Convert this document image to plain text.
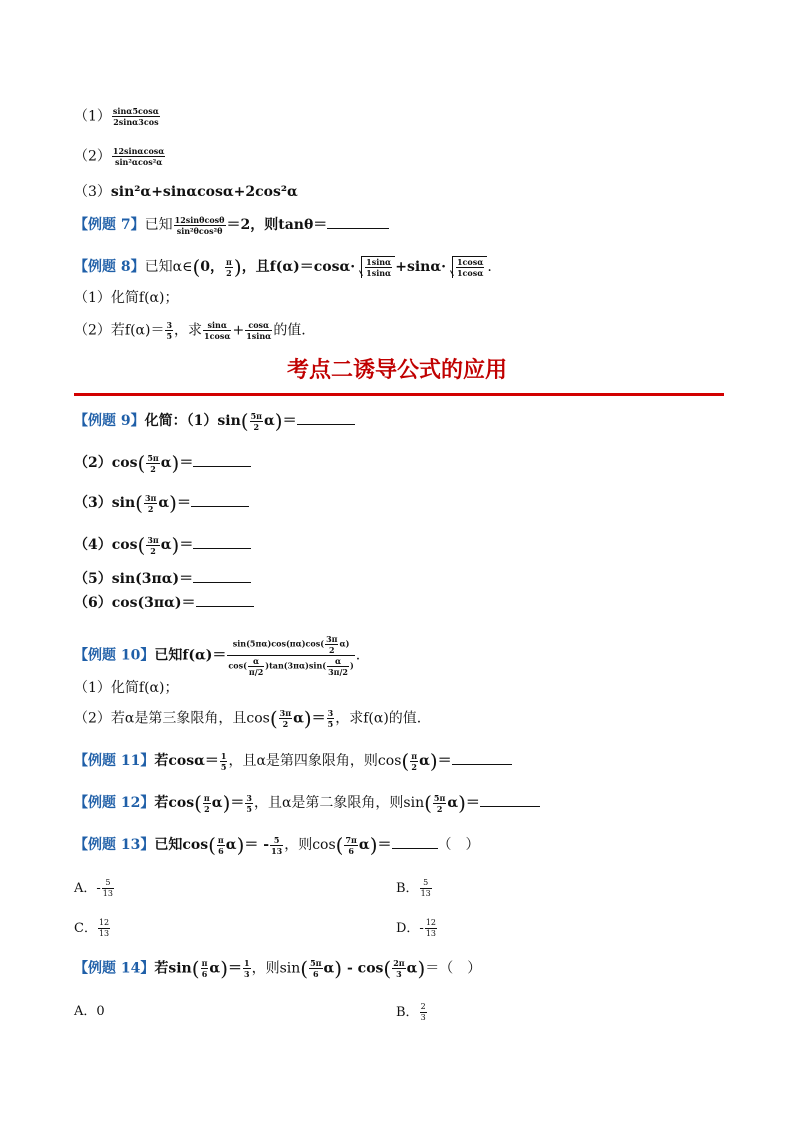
$(1) \frac{\sin\alpha 5\cos\alpha}{2\sin\alpha 3\cos}$
$(2) \frac{12\sin\alpha\cos\alpha}{\text{sin²αcos²α}}$
（3）sin²α+sinαcosα+2cos²α
【例题 7】已知 $\frac{12\sin\theta\cos\theta}{\text{sin²θcos²θ}} =2$，则tanθ＝
【例题 8】已知α∈(0， $\frac{\pi}{2}$ )，且$f(\alpha)=\cos\alpha\cdot \frac{1\sin\alpha}{1\sin\alpha} +\sin\alpha\cdot \frac{1\cos\alpha}{1\cos\alpha}$ .
（1）化简f(α)；
（2）若$f(\alpha)= \frac{3}{5}$ ，求 $\frac{\sin\alpha}{1\cos\alpha} + \frac{\cos\alpha}{1\sin\alpha}$ 的值.
考点二诱导公式的应用
【例题 9】化简：$(1)\sin( \frac{5\pi}{2} \alpha)=$
$(2)\cos( \frac{5\pi}{2} \alpha)=$
$(3)\sin( \frac{3\pi}{2} \alpha)=$
$(4)\cos( \frac{3\pi}{2} \alpha)=$
（5）sin(3πα)＝
（6）cos(3πα)＝
【例题 10】已知$f(\alpha)= \frac{\sin(5\pi\alpha)\cos(\pi\alpha)\cos( \frac{3\pi}{2} \alpha)}{\cos( \frac{\alpha}{\pi/2} )\tan(3\pi\alpha)\sin( \frac{\alpha}{3\pi/2} )}$ .
（1）化简f(α)；
（2）若α是第三象限角，且$\cos( \frac{3\pi}{2} \alpha)= \frac{3}{5}$ ，求f(α)的值.
【例题 11】若$\cos\alpha= \frac{1}{5}$ ，且α是第四象限角，则$\cos( \frac{\pi}{2} \alpha)=$
【例题 12】若$\cos( \frac{\pi}{2} \alpha)= \frac{3}{5}$ ，且α是第二象限角，则$\sin( \frac{5\pi}{2} \alpha)=$
【例题 13】已知$\cos( \frac{\pi}{6} \alpha)= - \frac{5}{13}$ ，则$\cos( \frac{7\pi}{6} \alpha)=$	（　）
A．- $\frac{5}{13}$	B． $\frac{5}{13}$
C． $\frac{12}{13}$	D．- $\frac{12}{13}$
【例题 14】若$\sin( \frac{\pi}{6} \alpha)= \frac{1}{3}$ ，则$\sin( \frac{5\pi}{6} \alpha) - \cos( \frac{2\pi}{3} \alpha)=$（　）
A．0	B． $\frac{2}{3}$
